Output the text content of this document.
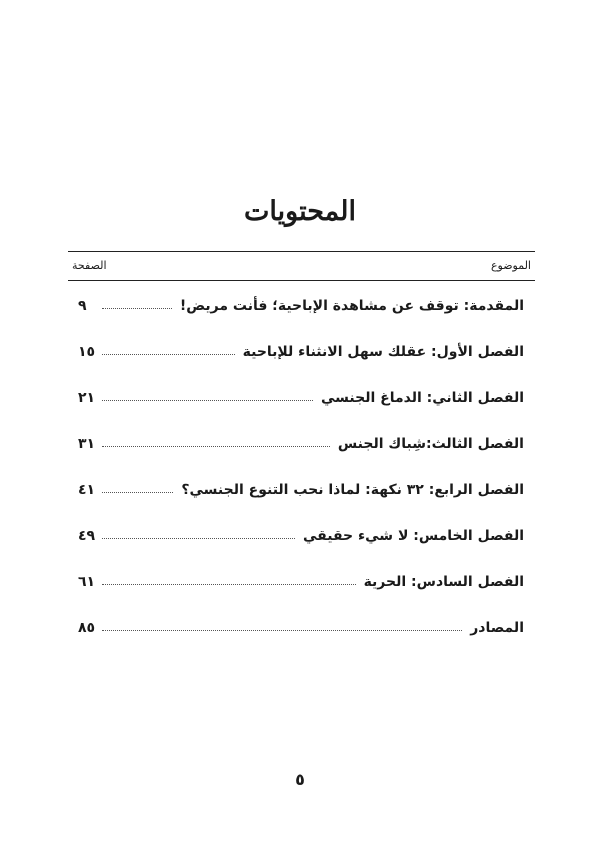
المحتويات
الموضوع
الصفحة
المقدمة: توقف عن مشاهدة الإباحية؛ فأنت مريض!
٩
الفصل الأول: عقلك سهل الانثناء للإباحية
١٥
الفصل الثاني: الدماغ الجنسي
٢١
الفصل الثالث:شِباك الجنس
٣١
الفصل الرابع: ٣٢ نكهة: لماذا نحب التنوع الجنسي؟
٤١
الفصل الخامس: لا شيء حقيقي
٤٩
الفصل السادس: الحرية
٦١
المصادر
٨٥
٥
